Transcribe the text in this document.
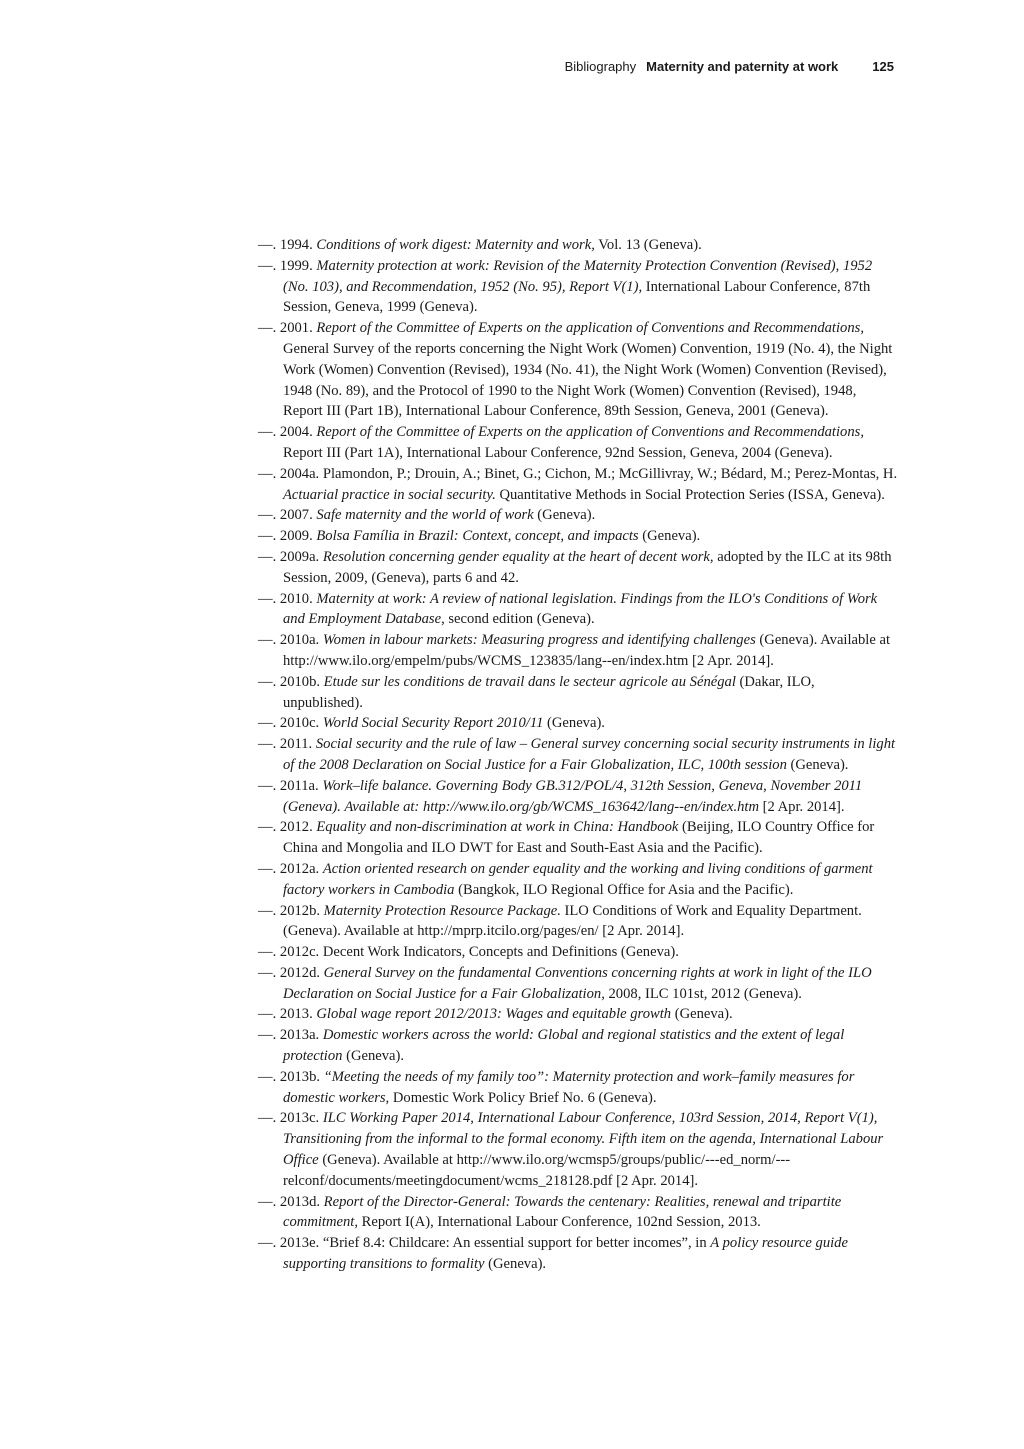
Bibliography Maternity and paternity at work	125

—. 1994. Conditions of work digest: Maternity and work, Vol. 13 (Geneva).

—. 1999. Maternity protection at work: Revision of the Maternity Protection Convention (Revised), 1952 (No. 103), and Recommendation, 1952 (No. 95), Report V(1), International Labour Conference, 87th Session, Geneva, 1999 (Geneva).

—. 2001. Report of the Committee of Experts on the application of Conventions and Recommendations, General Survey of the reports concerning the Night Work (Women) Convention, 1919 (No. 4), the Night Work (Women) Convention (Revised), 1934 (No. 41), the Night Work (Women) Convention (Revised), 1948 (No. 89), and the Protocol of 1990 to the Night Work (Women) Convention (Revised), 1948, Report III (Part 1B), International Labour Conference, 89th Session, Geneva, 2001 (Geneva).

—. 2004. Report of the Committee of Experts on the application of Conventions and Recommendations, Report III (Part 1A), International Labour Conference, 92nd Session, Geneva, 2004 (Geneva).

—. 2004a. Plamondon, P.; Drouin, A.; Binet, G.; Cichon, M.; McGillivray, W.; Bédard, M.; Perez-Montas, H. Actuarial practice in social security. Quantitative Methods in Social Protection Series (ISSA, Geneva).

—. 2007. Safe maternity and the world of work (Geneva).

—. 2009. Bolsa Família in Brazil: Context, concept, and impacts (Geneva).

—. 2009a. Resolution concerning gender equality at the heart of decent work, adopted by the ILC at its 98th Session, 2009, (Geneva), parts 6 and 42.

—. 2010. Maternity at work: A review of national legislation. Findings from the ILO's Conditions of Work and Employment Database, second edition (Geneva).

—. 2010a. Women in labour markets: Measuring progress and identifying challenges (Geneva). Available at http://www.ilo.org/empelm/pubs/WCMS_123835/lang--en/index.htm [2 Apr. 2014].

—. 2010b. Etude sur les conditions de travail dans le secteur agricole au Sénégal (Dakar, ILO, unpublished).

—. 2010c. World Social Security Report 2010/11 (Geneva).

—. 2011. Social security and the rule of law – General survey concerning social security instruments in light of the 2008 Declaration on Social Justice for a Fair Globalization, ILC, 100th session (Geneva).

—. 2011a. Work–life balance. Governing Body GB.312/POL/4, 312th Session, Geneva, November 2011 (Geneva). Available at: http://www.ilo.org/gb/WCMS_163642/lang--en/index.htm [2 Apr. 2014].

—. 2012. Equality and non-discrimination at work in China: Handbook (Beijing, ILO Country Office for China and Mongolia and ILO DWT for East and South-East Asia and the Pacific).

—. 2012a. Action oriented research on gender equality and the working and living conditions of garment factory workers in Cambodia (Bangkok, ILO Regional Office for Asia and the Pacific).

—. 2012b. Maternity Protection Resource Package. ILO Conditions of Work and Equality Department. (Geneva). Available at http://mprp.itcilo.org/pages/en/ [2 Apr. 2014].

—. 2012c. Decent Work Indicators, Concepts and Definitions (Geneva).

—. 2012d. General Survey on the fundamental Conventions concerning rights at work in light of the ILO Declaration on Social Justice for a Fair Globalization, 2008, ILC 101st, 2012 (Geneva).

—. 2013. Global wage report 2012/2013: Wages and equitable growth (Geneva).

—. 2013a. Domestic workers across the world: Global and regional statistics and the extent of legal protection (Geneva).

—. 2013b. “Meeting the needs of my family too”: Maternity protection and work–family measures for domestic workers, Domestic Work Policy Brief No. 6 (Geneva).

—. 2013c. ILC Working Paper 2014, International Labour Conference, 103rd Session, 2014, Report V(1), Transitioning from the informal to the formal economy. Fifth item on the agenda, International Labour Office (Geneva). Available at http://www.ilo.org/wcmsp5/groups/public/---ed_norm/---relconf/documents/meetingdocument/wcms_218128.pdf [2 Apr. 2014].

—. 2013d. Report of the Director-General: Towards the centenary: Realities, renewal and tripartite commitment, Report I(A), International Labour Conference, 102nd Session, 2013.

—. 2013e. “Brief 8.4: Childcare: An essential support for better incomes”, in A policy resource guide supporting transitions to formality (Geneva).
